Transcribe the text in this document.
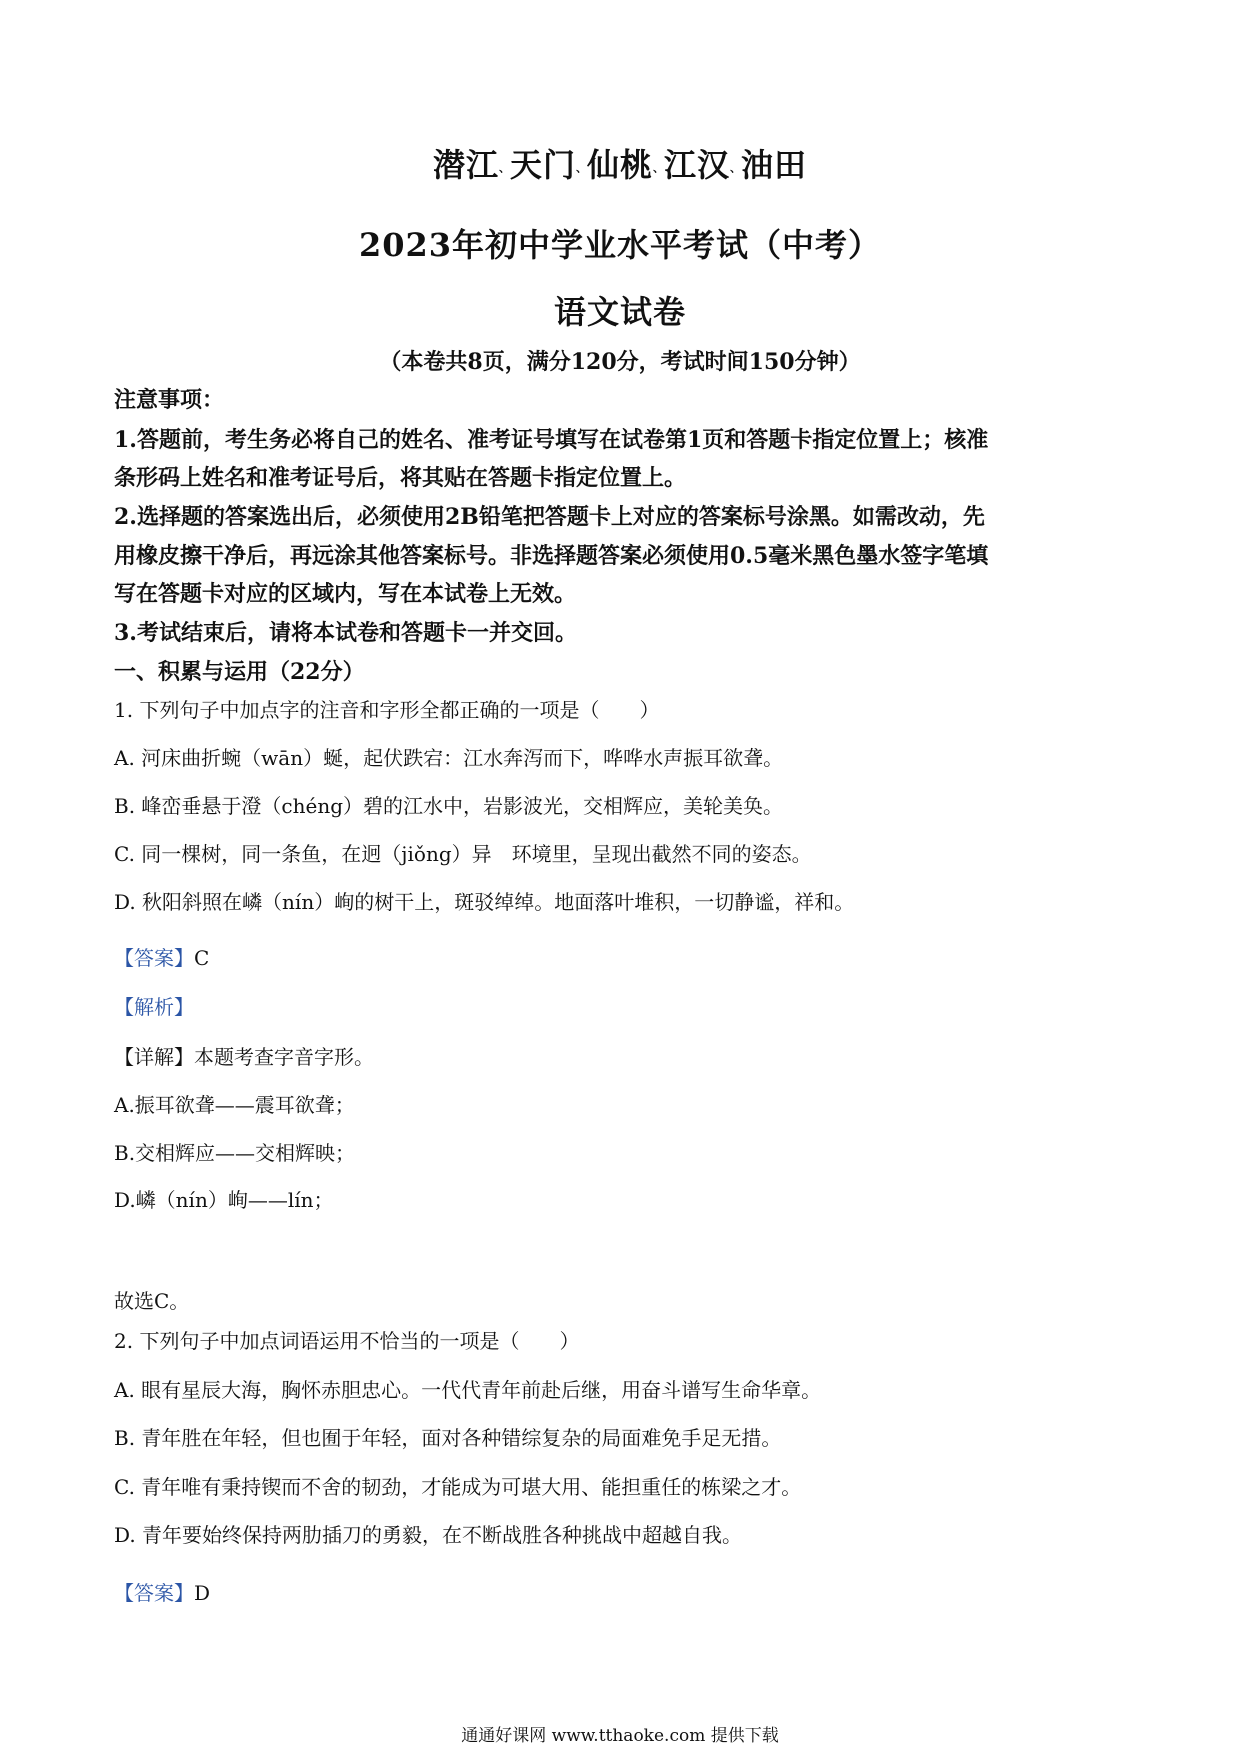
潜江、天门、仙桃、江汉、油田
2023年初中学业水平考试（中考）
语文试卷
（本卷共8页，满分120分，考试时间150分钟）
注意事项：
1.答题前，考生务必将自己的姓名、准考证号填写在试卷第1页和答题卡指定位置上；核准
条形码上姓名和准考证号后，将其贴在答题卡指定位置上。
2.选择题的答案选出后，必须使用2B铅笔把答题卡上对应的答案标号涂黑。如需改动，先
用橡皮擦干净后，再远涂其他答案标号。非选择题答案必须使用0.5毫米黑色墨水签字笔填
写在答题卡对应的区域内，写在本试卷上无效。
3.考试结束后，请将本试卷和答题卡一并交回。
一、积累与运用（22分）
1. 下列句子中加点字的注音和字形全都正确的一项是（　　）
A. 河床曲折蜿（wān）蜒，起伏跌宕：江水奔泻而下，哗哗水声振耳欲聋。
B. 峰峦垂悬于澄（chéng）碧的江水中，岩影波光，交相辉应，美轮美奂。
C. 同一棵树，同一条鱼，在迥（jiǒng）异　环境里，呈现出截然不同的姿态。
D. 秋阳斜照在嶙（nín）峋的树干上，斑驳绰绰。地面落叶堆积，一切静谧，祥和。
【答案】C
【解析】
【详解】本题考查字音字形。
A.振耳欲聋——震耳欲聋；
B.交相辉应——交相辉映；
D.嶙（nín）峋——lín；
故选C。
2. 下列句子中加点词语运用不恰当的一项是（　　）
A. 眼有星辰大海，胸怀赤胆忠心。一代代青年前赴后继，用奋斗谱写生命华章。
B. 青年胜在年轻，但也囿于年轻，面对各种错综复杂的局面难免手足无措。
C. 青年唯有秉持锲而不舍的韧劲，才能成为可堪大用、能担重任的栋梁之才。
D. 青年要始终保持两肋插刀的勇毅，在不断战胜各种挑战中超越自我。
【答案】D
通通好课网 www.tthaoke.com 提供下载
